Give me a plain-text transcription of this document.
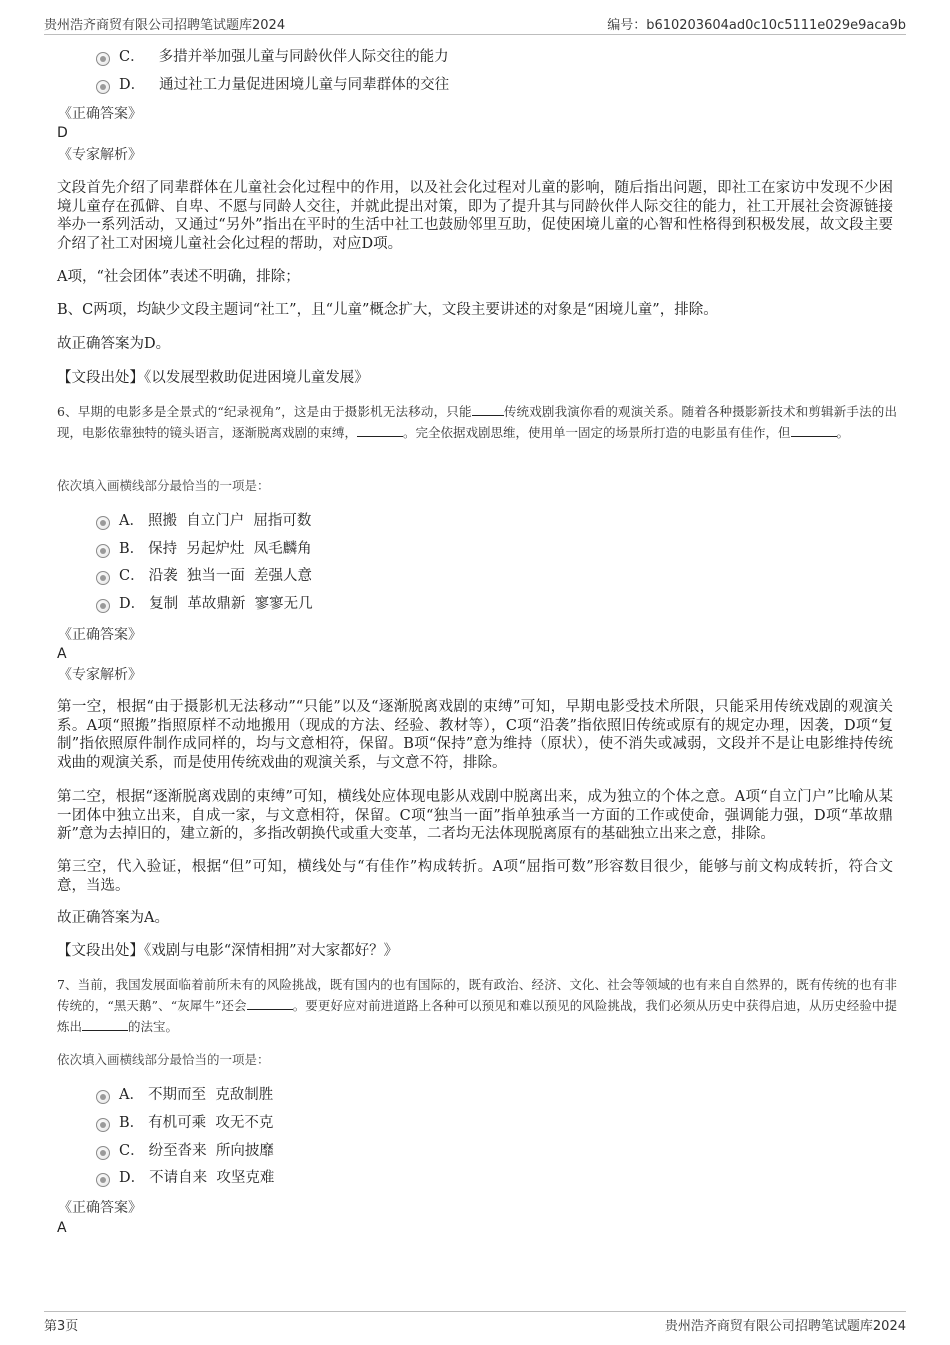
贵州浩齐商贸有限公司招聘笔试题库2024	编号：b610203604ad0c10c5111e029e9aca9b
C． 多措并举加强儿童与同龄伙伴人际交往的能力
D． 通过社工力量促进困境儿童与同辈群体的交往
《正确答案》
D
《专家解析》

文段首先介绍了同辈群体在儿童社会化过程中的作用，以及社会化过程对儿童的影响，随后指出问题，即社工在家访中发现不少困境儿童存在孤僻、自卑、不愿与同龄人交往，并就此提出对策，即为了提升其与同龄伙伴人际交往的能力，社工开展社会资源链接举办一系列活动，又通过“另外”指出在平时的生活中社工也鼓励邻里互助，促使困境儿童的心智和性格得到积极发展，故文段主要介绍了社工对困境儿童社会化过程的帮助，对应D项。

A项，“社会团体”表述不明确，排除；

B、C两项，均缺少文段主题词“社工”，且“儿童”概念扩大，文段主要讲述的对象是“困境儿童”，排除。

故正确答案为D。

【文段出处】《以发展型救助促进困境儿童发展》

6、早期的电影多是全景式的“纪录视角”，这是由于摄影机无法移动，只能	传统戏剧我演你看的观演关系。随着各种摄影新技术和剪辑新手法的出现，电影依靠独特的镜头语言，逐渐脱离戏剧的束缚，	。完全依据戏剧思维，使用单一固定的场景所打造的电影虽有佳作，但	。

依次填入画横线部分最恰当的一项是：
A． 照搬  自立门户  屈指可数
B． 保持  另起炉灶  凤毛麟角
C． 沿袭  独当一面  差强人意
D． 复制  革故鼎新  寥寥无几
《正确答案》
A
《专家解析》

第一空，根据“由于摄影机无法移动”“只能”以及“逐渐脱离戏剧的束缚”可知，早期电影受技术所限，只能采用传统戏剧的观演关系。A项“照搬”指照原样不动地搬用（现成的方法、经验、教材等），C项“沿袭”指依照旧传统或原有的规定办理，因袭，D项“复制”指依照原件制作成同样的，均与文意相符，保留。B项“保持”意为维持（原状），使不消失或减弱，文段并不是让电影维持传统戏曲的观演关系，而是使用传统戏曲的观演关系，与文意不符，排除。

第二空，根据“逐渐脱离戏剧的束缚”可知，横线处应体现电影从戏剧中脱离出来，成为独立的个体之意。A项“自立门户”比喻从某一团体中独立出来，自成一家，与文意相符，保留。C项“独当一面”指单独承当一方面的工作或使命，强调能力强，D项“革故鼎新”意为去掉旧的，建立新的，多指改朝换代或重大变革，二者均无法体现脱离原有的基础独立出来之意，排除。

第三空，代入验证，根据“但”可知，横线处与“有佳作”构成转折。A项“屈指可数”形容数目很少，能够与前文构成转折，符合文意，当选。

故正确答案为A。

【文段出处】《戏剧与电影“深情相拥”对大家都好？》

7、当前，我国发展面临着前所未有的风险挑战，既有国内的也有国际的，既有政治、经济、文化、社会等领域的也有来自自然界的，既有传统的也有非传统的，“黑天鹅”、“灰犀牛”还会	。要更好应对前进道路上各种可以预见和难以预见的风险挑战，我们必须从历史中获得启迪，从历史经验中提炼出	的法宝。

依次填入画横线部分最恰当的一项是：
A． 不期而至  克敌制胜
B． 有机可乘  攻无不克
C． 纷至沓来  所向披靡
D． 不请自来  攻坚克难
《正确答案》
A
第3页	贵州浩齐商贸有限公司招聘笔试题库2024
